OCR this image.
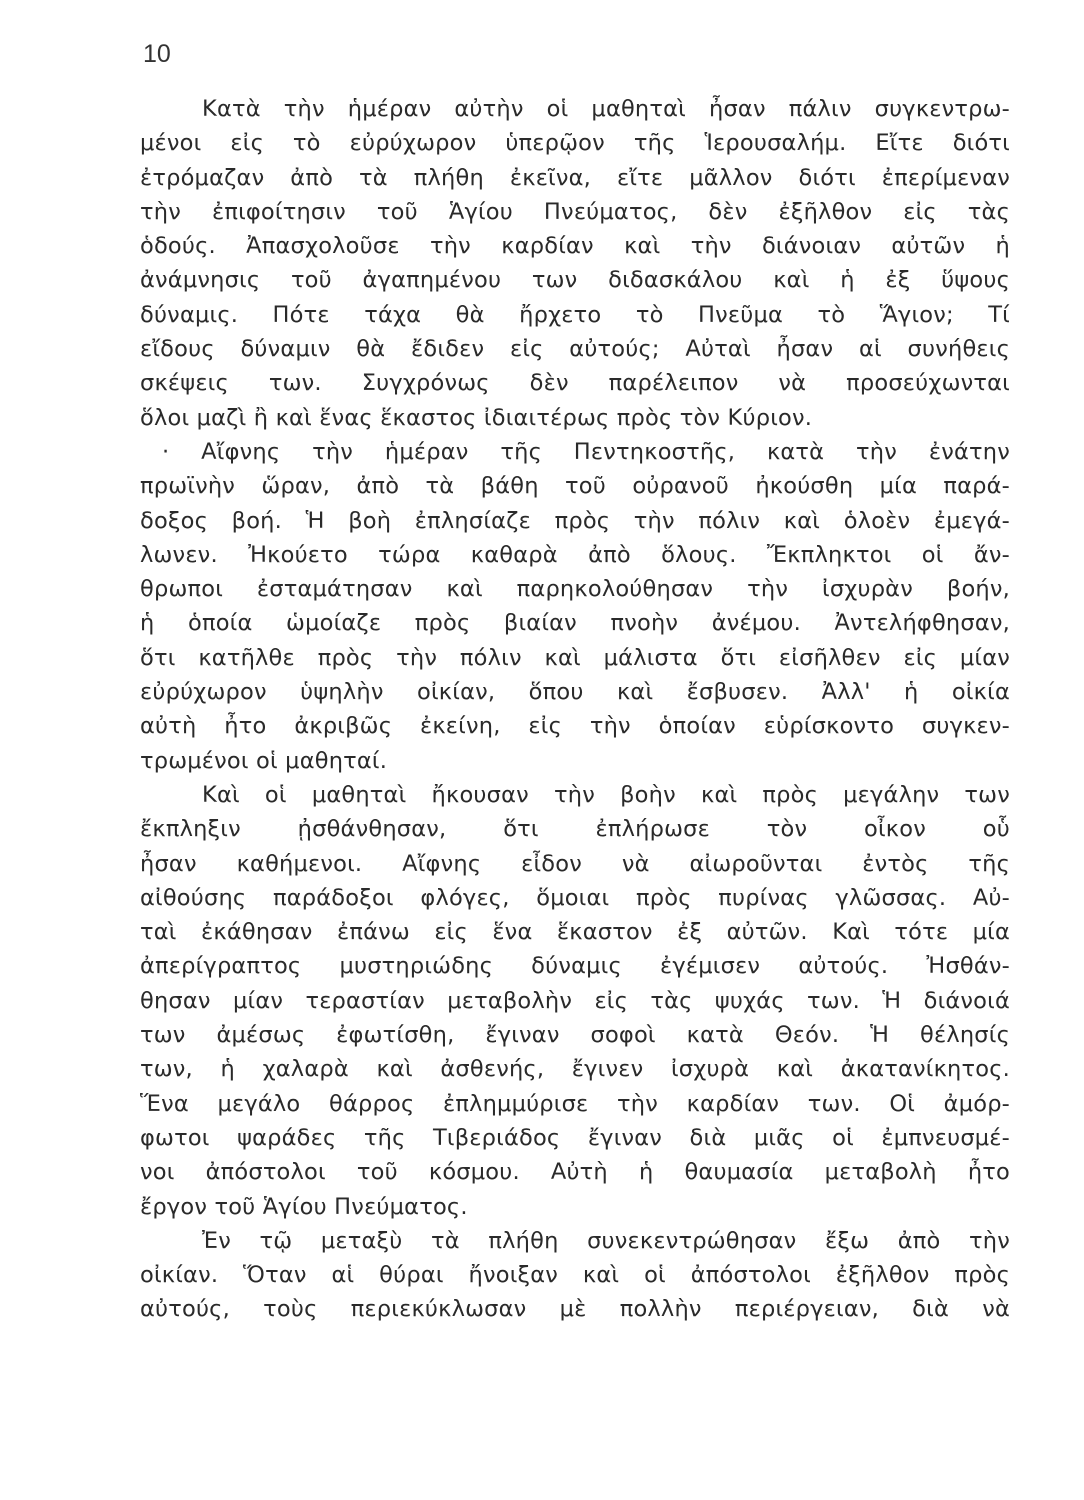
10
Κατὰ τὴν ἡμέραν αὐτὴν οἱ μαθηταὶ ἦσαν πάλιν συγκεντρω-
μένοι εἰς τὸ εὐρύχωρον ὑπερῷον τῆς Ἱερουσαλήμ. Εἴτε διότι
ἐτρόμαζαν ἀπὸ τὰ πλήθη ἐκεῖνα, εἴτε μᾶλλον διότι ἐπερίμεναν
τὴν ἐπιφοίτησιν τοῦ Ἁγίου Πνεύματος, δὲν ἐξῆλθον εἰς τὰς
ὁδούς. Ἀπασχολοῦσε τὴν καρδίαν καὶ τὴν διάνοιαν αὐτῶν ἡ
ἀνάμνησις τοῦ ἀγαπημένου των διδασκάλου καὶ ἡ ἐξ ὕψους
δύναμις. Πότε τάχα θὰ ἤρχετο τὸ Πνεῦμα τὸ Ἅγιον; Τί
εἴδους δύναμιν θὰ ἔδιδεν εἰς αὐτούς; Αὐταὶ ἦσαν αἱ συνήθεις
σκέψεις των. Συγχρόνως δὲν παρέλειπον νὰ προσεύχωνται
ὅλοι μαζὶ ἢ καὶ ἕνας ἕκαστος ἰδιαιτέρως πρὸς τὸν Κύριον.
· Αἴφνης τὴν ἡμέραν τῆς Πεντηκοστῆς, κατὰ τὴν ἐνάτην
πρωϊνὴν ὥραν, ἀπὸ τὰ βάθη τοῦ οὐρανοῦ ἠκούσθη μία παρά-
δοξος βοή. Ἡ βοὴ ἐπλησίαζε πρὸς τὴν πόλιν καὶ ὁλοὲν ἐμεγά-
λωνεν. Ἠκούετο τώρα καθαρὰ ἀπὸ ὅλους. Ἔκπληκτοι οἱ ἄν-
θρωποι ἐσταμάτησαν καὶ παρηκολούθησαν τὴν ἰσχυρὰν βοήν,
ἡ ὁποία ὡμοίαζε πρὸς βιαίαν πνοὴν ἀνέμου. Ἀντελήφθησαν,
ὅτι κατῆλθε πρὸς τὴν πόλιν καὶ μάλιστα ὅτι εἰσῆλθεν εἰς μίαν
εὐρύχωρον ὑψηλὴν οἰκίαν, ὅπου καὶ ἔσβυσεν. Ἀλλ' ἡ οἰκία
αὐτὴ ἦτο ἀκριβῶς ἐκείνη, εἰς τὴν ὁποίαν εὑρίσκοντο συγκεν-
τρωμένοι οἱ μαθηταί.
Καὶ οἱ μαθηταὶ ἤκουσαν τὴν βοὴν καὶ πρὸς μεγάλην των
ἔκπληξιν ᾐσθάνθησαν, ὅτι ἐπλήρωσε τὸν οἶκον οὗ
ἦσαν καθήμενοι. Αἴφνης εἶδον νὰ αἰωροῦνται ἐντὸς τῆς
αἰθούσης παράδοξοι φλόγες, ὅμοιαι πρὸς πυρίνας γλῶσσας. Αὐ-
ταὶ ἐκάθησαν ἐπάνω εἰς ἕνα ἕκαστον ἐξ αὐτῶν. Καὶ τότε μία
ἀπερίγραπτος μυστηριώδης δύναμις ἐγέμισεν αὐτούς. Ἠσθάν-
θησαν μίαν τεραστίαν μεταβολὴν εἰς τὰς ψυχάς των. Ἡ διάνοιά
των ἀμέσως ἐφωτίσθη, ἔγιναν σοφοὶ κατὰ Θεόν. Ἡ θέλησίς
των, ἡ χαλαρὰ καὶ ἀσθενής, ἔγινεν ἰσχυρὰ καὶ ἀκατανίκητος.
Ἕνα μεγάλο θάρρος ἐπλημμύρισε τὴν καρδίαν των. Οἱ ἀμόρ-
φωτοι ψαράδες τῆς Τιβεριάδος ἔγιναν διὰ μιᾶς οἱ ἐμπνευσμέ-
νοι ἀπόστολοι τοῦ κόσμου. Αὐτὴ ἡ θαυμασία μεταβολὴ ἦτο
ἔργον τοῦ Ἁγίου Πνεύματος.
Ἐν τῷ μεταξὺ τὰ πλήθη συνεκεντρώθησαν ἔξω ἀπὸ τὴν
οἰκίαν. Ὅταν αἱ θύραι ἤνοιξαν καὶ οἱ ἀπόστολοι ἐξῆλθον πρὸς
αὐτούς, τοὺς περιεκύκλωσαν μὲ πολλὴν περιέργειαν, διὰ νὰ
